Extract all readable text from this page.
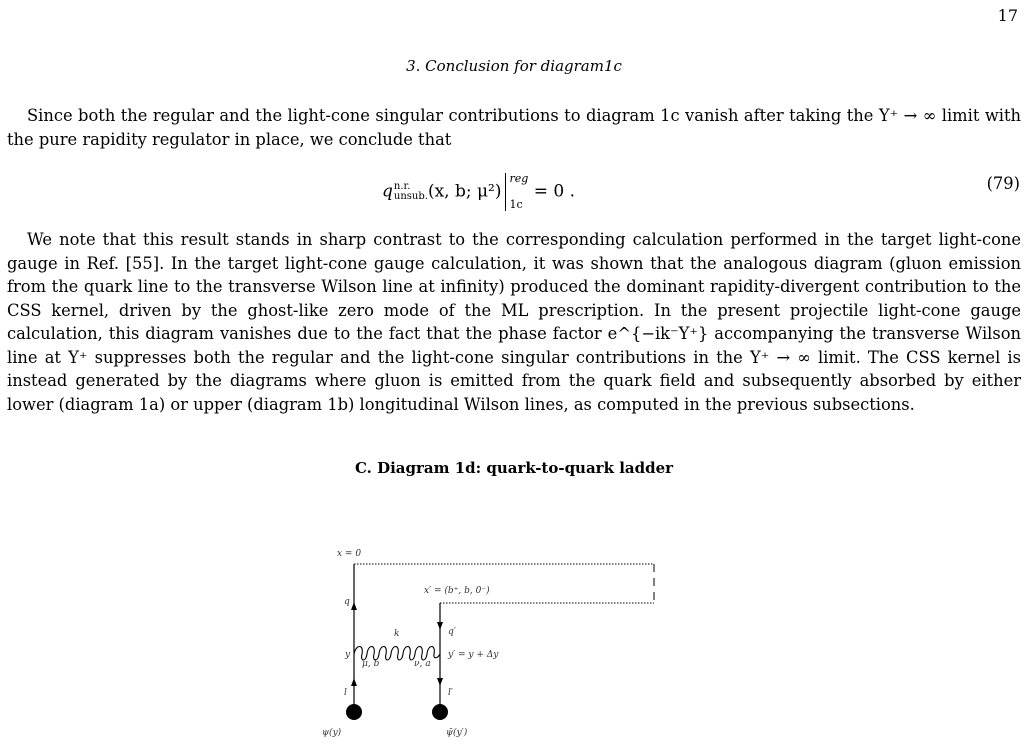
17
3. Conclusion for diagram1c

Since both the regular and the light-cone singular contributions to diagram 1c vanish after taking the Y⁺ → ∞ limit with the pure rapidity regulator in place, we conclude that

q n.r.
unsub. (x, b; μ²)
reg
1c
= 0 .	(79)

We note that this result stands in sharp contrast to the corresponding calculation performed in the target light-cone gauge in Ref. [55]. In the target light-cone gauge calculation, it was shown that the analogous diagram (gluon emission from the quark line to the transverse Wilson line at infinity) produced the dominant rapidity-divergent contribution to the CSS kernel, driven by the ghost-like zero mode of the ML prescription. In the present projectile light-cone gauge calculation, this diagram vanishes due to the fact that the phase factor e^{−ik⁻Y⁺} accompanying the transverse Wilson line at Y⁺ suppresses both the regular and the light-cone singular contributions in the Y⁺ → ∞ limit. The CSS kernel is instead generated by the diagrams where gluon is emitted from the quark field and subsequently absorbed by either lower (diagram 1a) or upper (diagram 1b) longitudinal Wilson lines, as computed in the previous subsections.

C. Diagram 1d: quark-to-quark ladder
x = 0
x′ = (b⁺, b, 0⁻)
q
q′
k
y	y′ = y + Δy
μ, b	ν, a
l	l′
ψ(y)	ψ̄(y′)
